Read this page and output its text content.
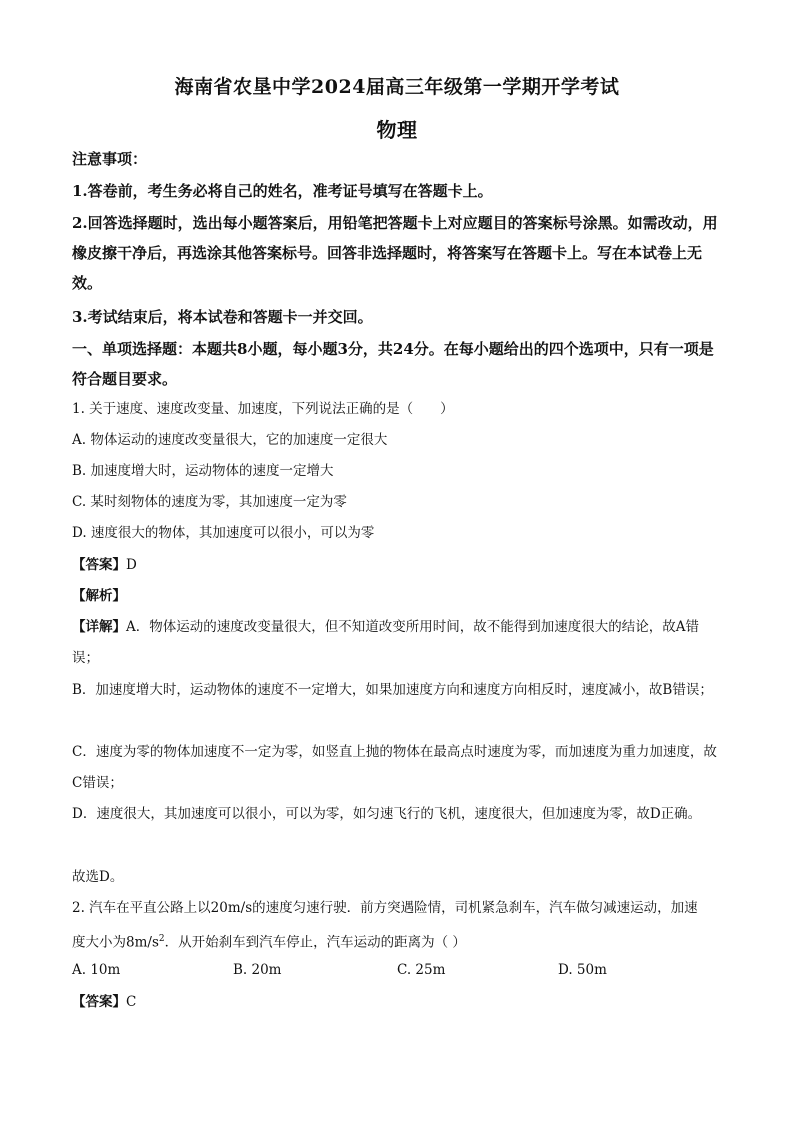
海南省农垦中学2024届高三年级第一学期开学考试
物理
注意事项：
1.答卷前，考生务必将自己的姓名，准考证号填写在答题卡上。
2.回答选择题时，选出每小题答案后，用铅笔把答题卡上对应题目的答案标号涂黑。如需改动，用橡皮擦干净后，再选涂其他答案标号。回答非选择题时，将答案写在答题卡上。写在本试卷上无效。
3.考试结束后，将本试卷和答题卡一并交回。
一、单项选择题：本题共8小题，每小题3分，共24分。在每小题给出的四个选项中，只有一项是符合题目要求。
1. 关于速度、速度改变量、加速度，下列说法正确的是（　　）
A. 物体运动的速度改变量很大，它的加速度一定很大
B. 加速度增大时，运动物体的速度一定增大
C. 某时刻物体的速度为零，其加速度一定为零
D. 速度很大的物体，其加速度可以很小，可以为零
【答案】D
【解析】
【详解】A．物体运动的速度改变量很大，但不知道改变所用时间，故不能得到加速度很大的结论，故A错误；
B．加速度增大时，运动物体的速度不一定增大，如果加速度方向和速度方向相反时，速度减小，故B错误；
C．速度为零的物体加速度不一定为零，如竖直上抛的物体在最高点时速度为零，而加速度为重力加速度，故C错误；
D．速度很大，其加速度可以很小，可以为零，如匀速飞行的飞机，速度很大，但加速度为零，故D正确。
故选D。
2. 汽车在平直公路上以20m/s的速度匀速行驶．前方突遇险情，司机紧急刹车，汽车做匀减速运动，加速
度大小为$8m/s^2$．从开始刹车到汽车停止，汽车运动的距离为（ ）
A. 10m	B. 20m	C. 25m	D. 50m
【答案】C
